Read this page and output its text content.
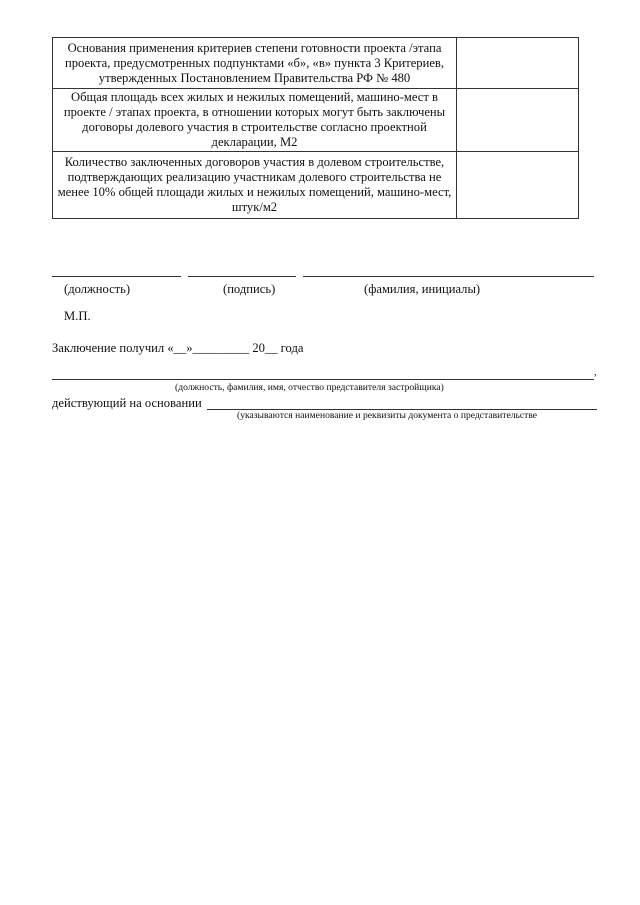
Основания применения критериев степени готовности проекта /этапа проекта, предусмотренных подпунктами «б», «в» пункта 3 Критериев, утвержденных Постановлением Правительства РФ № 480	
Общая площадь всех жилых и нежилых помещений, машино-мест в проекте / этапах проекта, в отношении которых могут быть заключены договоры долевого участия в строительстве согласно проектной декларации, М2	
Количество заключенных договоров участия в долевом строительстве, подтверждающих реализацию участникам долевого строительства не менее 10% общей площади жилых и нежилых помещений, машино-мест, штук/м2	
(должность)	(подпись)	(фамилия, инициалы)
М.П.
Заключение получил «__»_________ 20__ года
,
(должность, фамилия, имя, отчество представителя застройщика)
действующий на основании
(указываются наименование и реквизиты документа о представительстве
